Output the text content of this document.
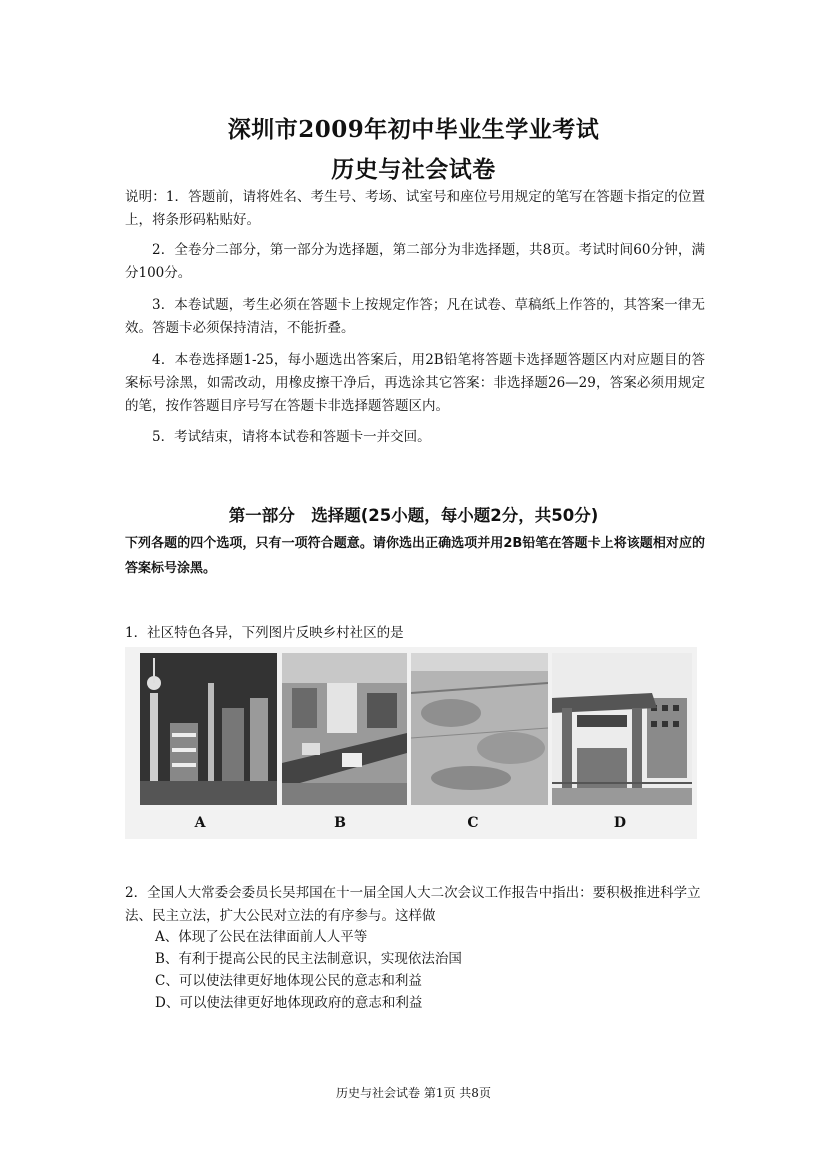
深圳市2009年初中毕业生学业考试
历史与社会试卷
说明：1．答题前，请将姓名、考生号、考场、试室号和座位号用规定的笔写在答题卡指定的位置上，将条形码粘贴好。
2．全卷分二部分，第一部分为选择题，第二部分为非选择题，共8页。考试时间60分钟，满分100分。
3．本卷试题，考生必须在答题卡上按规定作答；凡在试卷、草稿纸上作答的，其答案一律无效。答题卡必须保持清洁，不能折叠。
4．本卷选择题1-25，每小题选出答案后，用2B铅笔将答题卡选择题答题区内对应题目的答案标号涂黑，如需改动，用橡皮擦干净后，再选涂其它答案：非选择题26—29，答案必须用规定的笔，按作答题目序号写在答题卡非选择题答题区内。
5．考试结束，请将本试卷和答题卡一并交回。
第一部分　选择题(25小题，每小题2分，共50分)
下列各题的四个选项，只有一项符合题意。请你选出正确选项并用2B铅笔在答题卡上将该题相对应的答案标号涂黑。
1．社区特色各异，下列图片反映乡村社区的是
A	B	C	D
2．全国人大常委会委员长吴邦国在十一届全国人大二次会议工作报告中指出：要积极推进科学立法、民主立法，扩大公民对立法的有序参与。这样做
A、体现了公民在法律面前人人平等
B、有利于提高公民的民主法制意识，实现依法治国
C、可以使法律更好地体现公民的意志和利益
D、可以使法律更好地体现政府的意志和利益
历史与社会试卷 第1页 共8页
